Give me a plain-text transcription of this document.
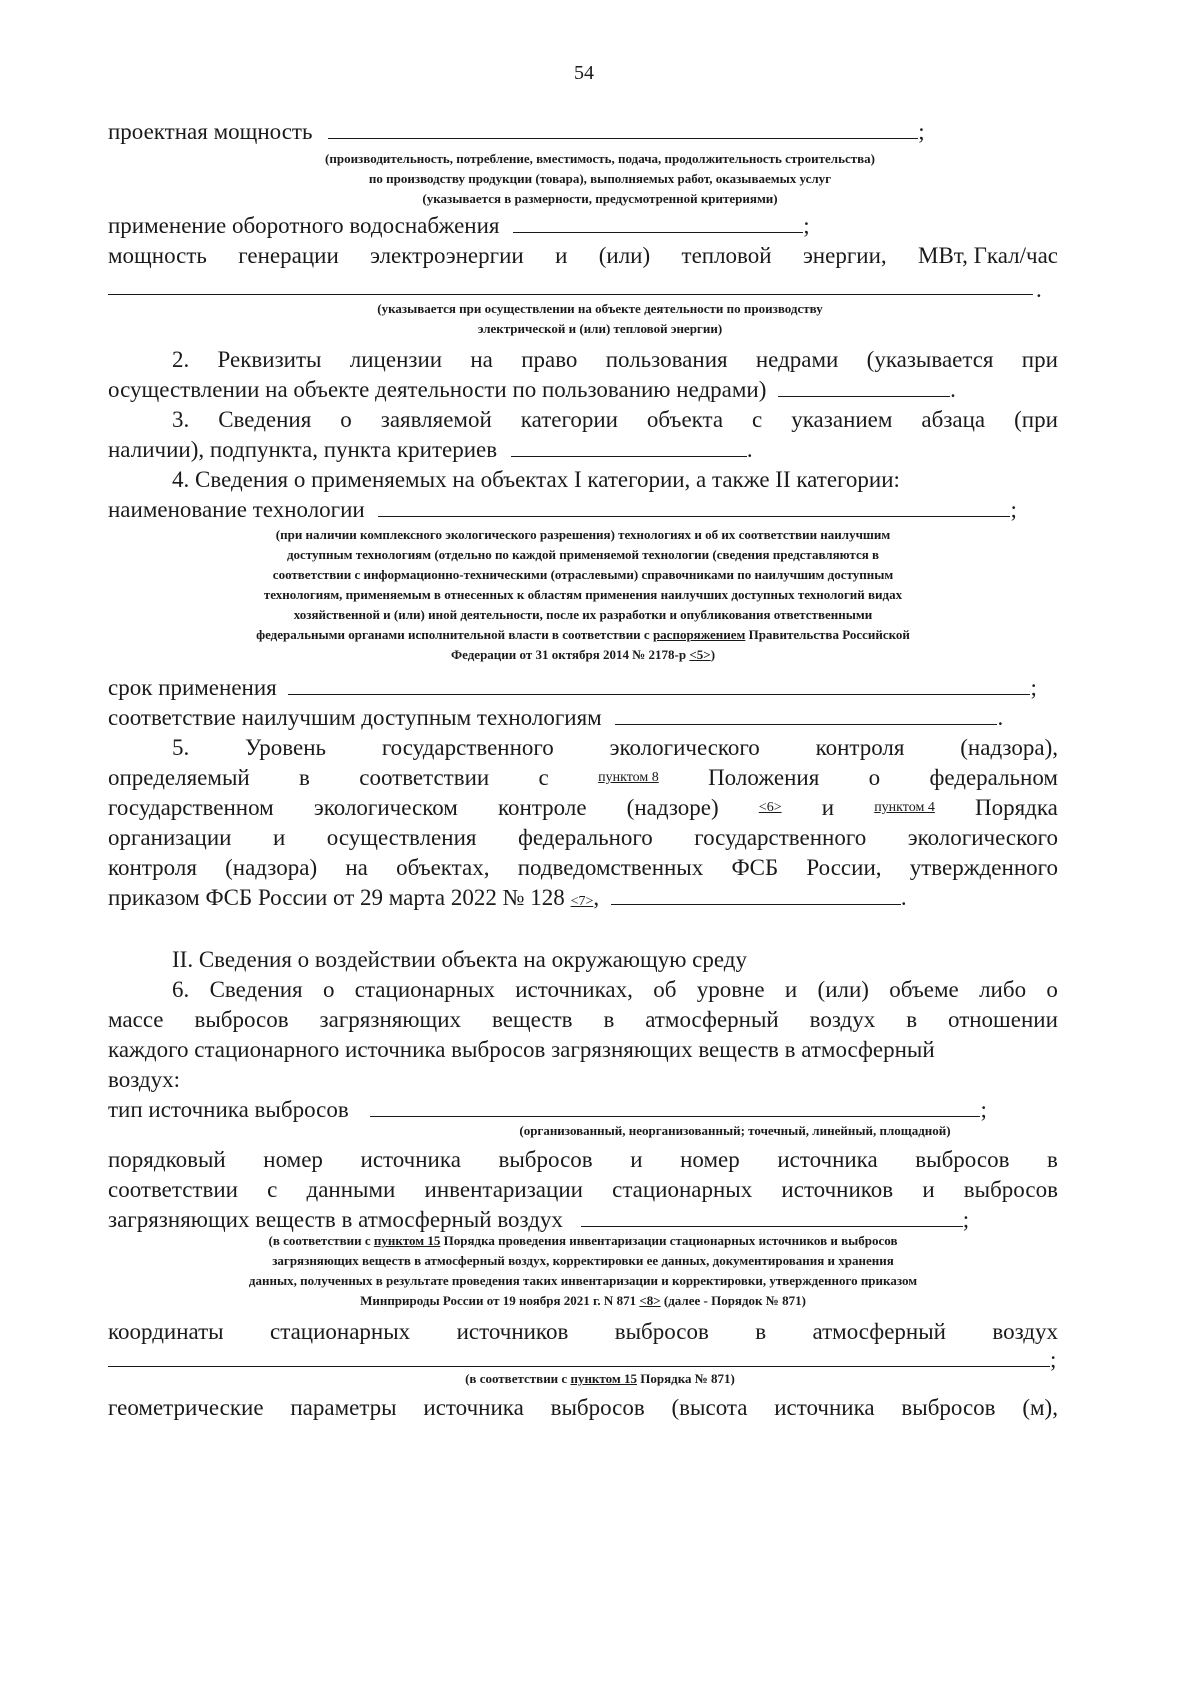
54
проектная мощность	;
(производительность, потребление, вместимость, подача, продолжительность строительства)
по производству продукции (товара), выполняемых работ, оказываемых услуг
(указывается в размерности, предусмотренной критериями)
применение оборотного водоснабжения	;
мощность генерации электроэнергии и (или) тепловой энергии, МВт, Гкал/час
.
(указывается при осуществлении на объекте деятельности по производству
электрической и (или) тепловой энергии)
2. Реквизиты лицензии на право пользования недрами (указывается при
осуществлении на объекте деятельности по пользованию недрами)	.
3. Сведения о заявляемой категории объекта с указанием абзаца (при
наличии), подпункта, пункта критериев	.
4. Сведения о применяемых на объектах I категории, а также II категории:
наименование технологии	;
(при наличии комплексного экологического разрешения) технологиях и об их соответствии наилучшим
доступным технологиям (отдельно по каждой применяемой технологии (сведения представляются в
соответствии с информационно-техническими (отраслевыми) справочниками по наилучшим доступным
технологиям, применяемым в отнесенных к областям применения наилучших доступных технологий видах
хозяйственной и (или) иной деятельности, после их разработки и опубликования ответственными
федеральными органами исполнительной власти в соответствии с распоряжением Правительства Российской
Федерации от 31 октября 2014 № 2178-р <5>)
срок применения	;
соответствие наилучшим доступным технологиям	.
5. Уровень государственного экологического контроля (надзора),
определяемый в соответствии с	пунктом 8 Положения о федеральном
государственном экологическом контроле (надзоре)	<6> и	пунктом 4 Порядка
организации и осуществления федерального государственного экологического
контроля (надзора) на объектах, подведомственных ФСБ России, утвержденного
приказом ФСБ России от 29 марта 2022 № 128 <7>,	.
II. Сведения о воздействии объекта на окружающую среду
6. Сведения о стационарных источниках, об уровне и (или) объеме либо о
массе выбросов загрязняющих веществ в атмосферный воздух в отношении
каждого стационарного источника выбросов загрязняющих веществ в атмосферный
воздух:
тип источника выбросов	;
(организованный, неорганизованный; точечный, линейный, площадной)
порядковый номер источника выбросов и номер источника выбросов в
соответствии с данными инвентаризации стационарных источников и выбросов
загрязняющих веществ в атмосферный воздух	;
(в соответствии с пунктом 15 Порядка проведения инвентаризации стационарных источников и выбросов
загрязняющих веществ в атмосферный воздух, корректировки ее данных, документирования и хранения
данных, полученных в результате проведения таких инвентаризации и корректировки, утвержденного приказом
Минприроды России от 19 ноября 2021 г. N 871 <8> (далее - Порядок № 871)
координаты стационарных источников выбросов в атмосферный воздух
;
(в соответствии с пунктом 15 Порядка № 871)
геометрические параметры источника выбросов (высота источника выбросов (м),
